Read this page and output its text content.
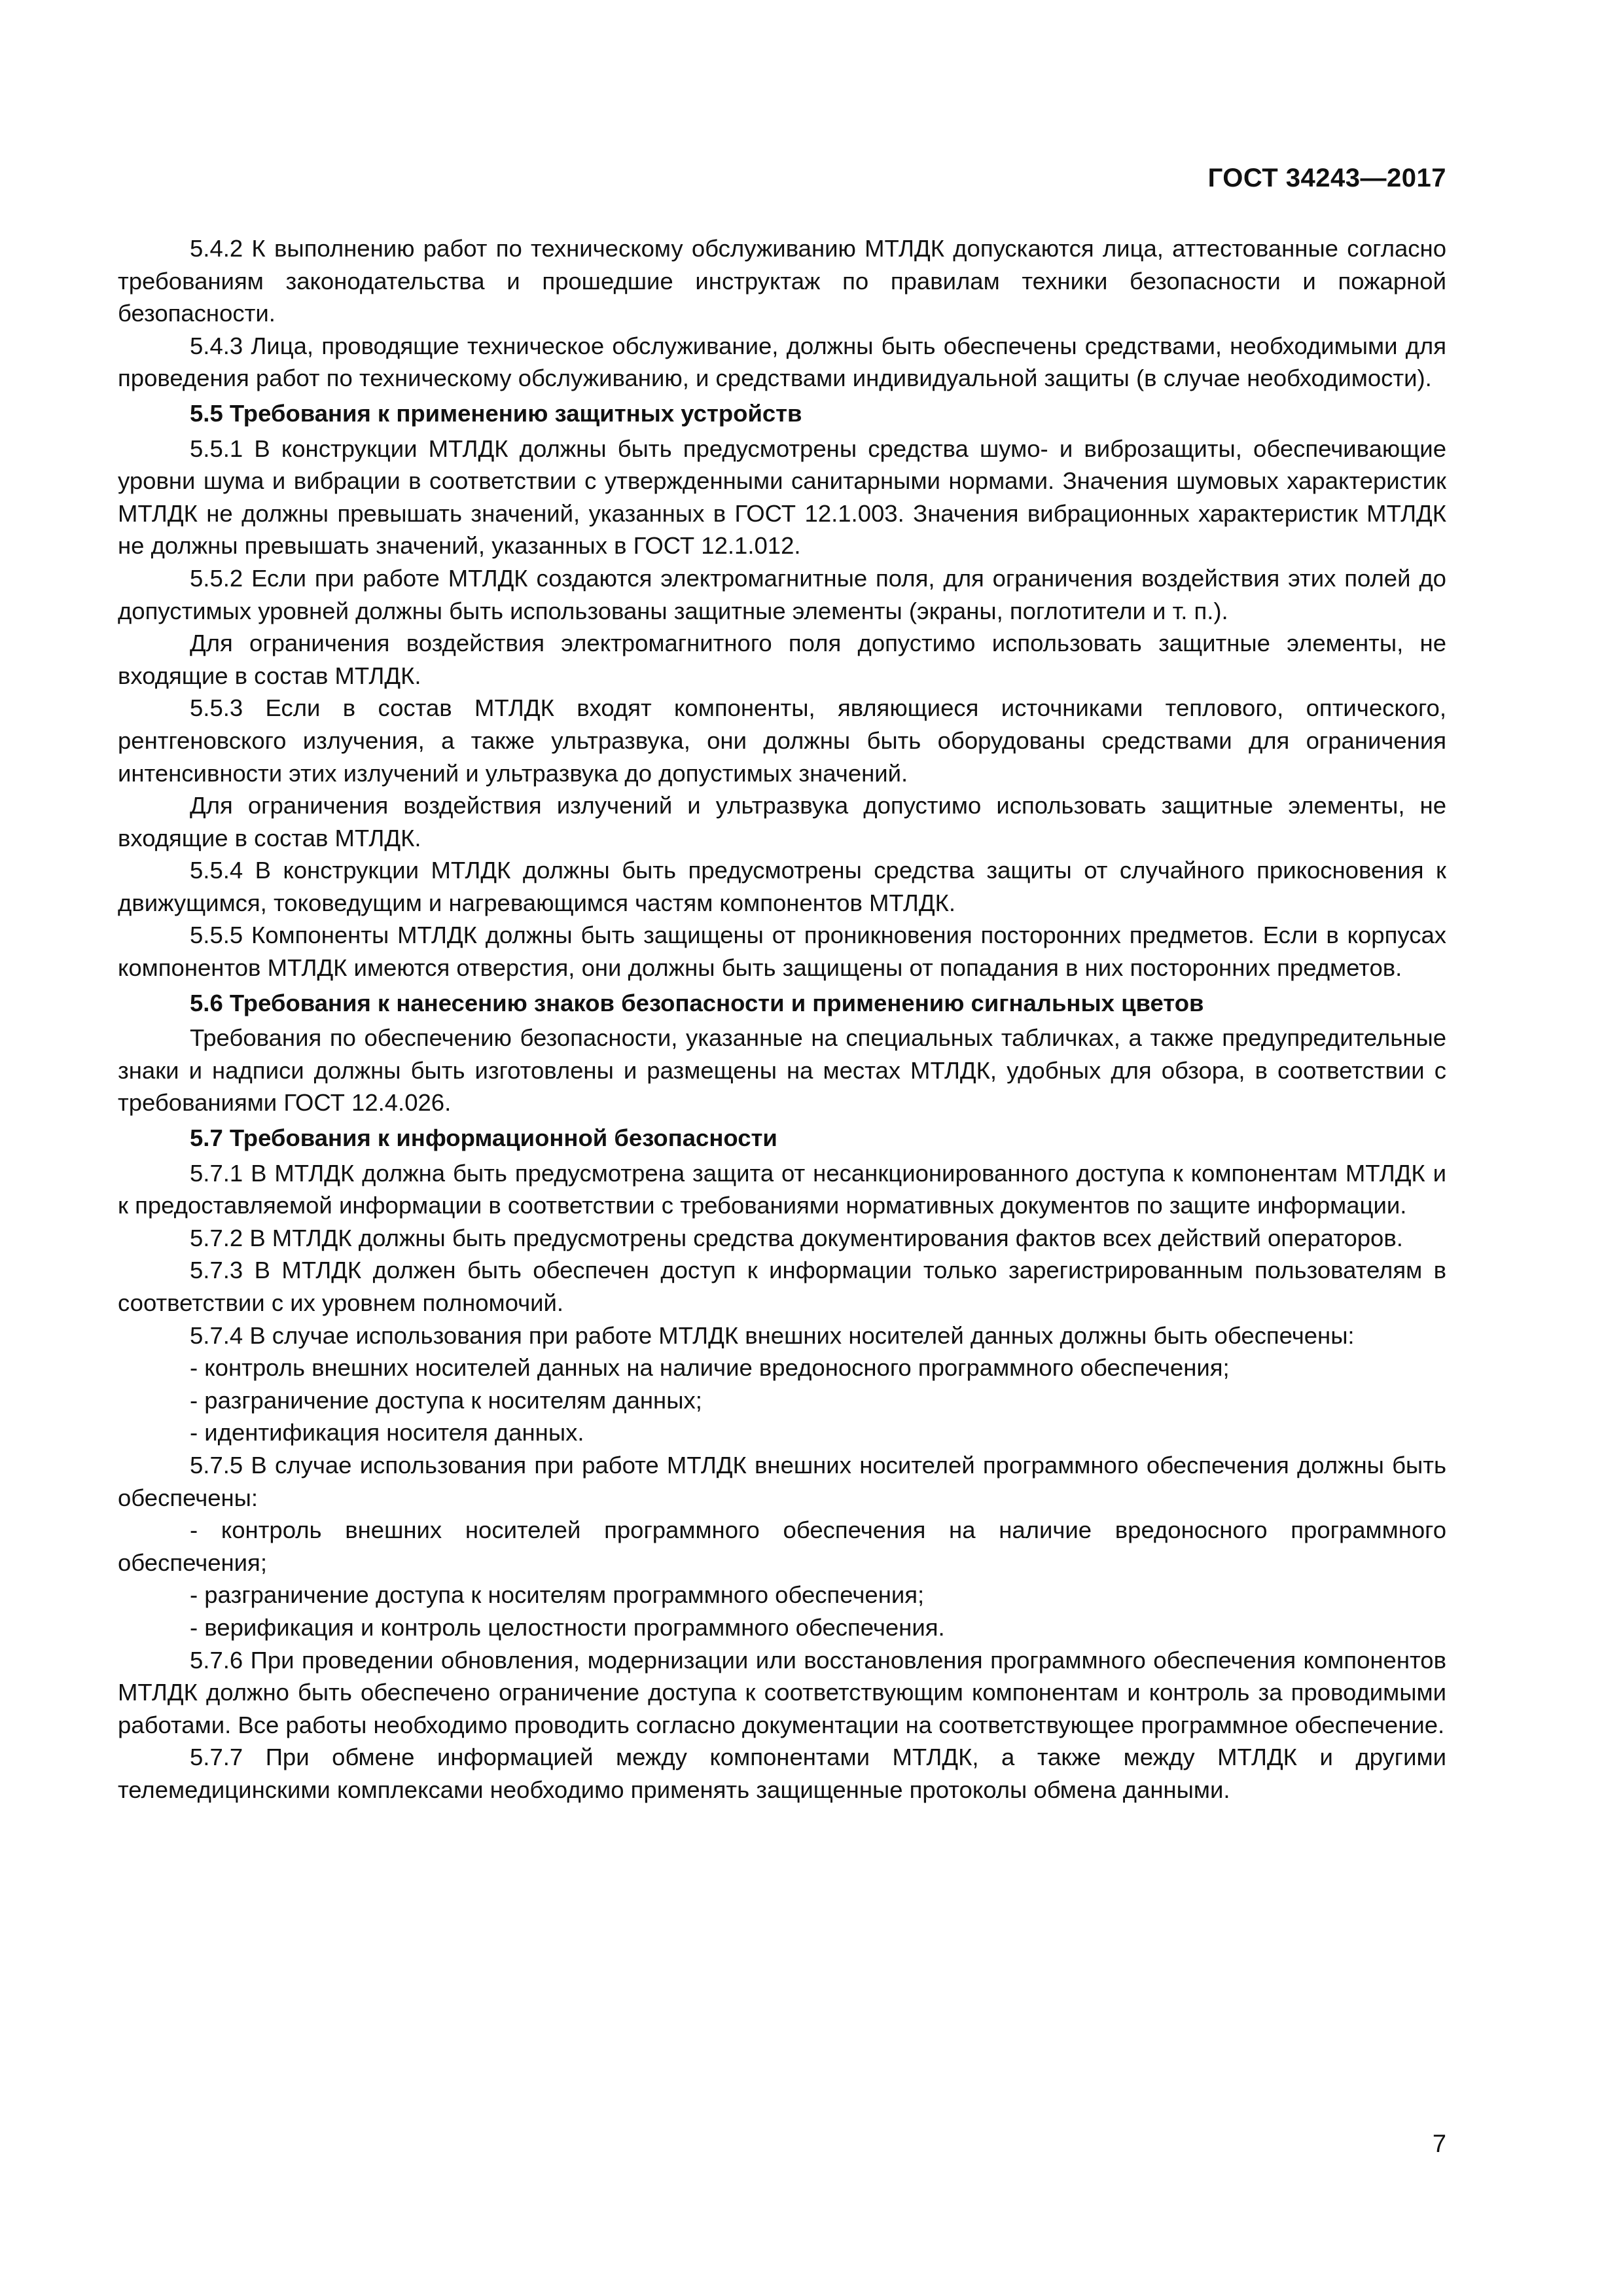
ГОСТ 34243—2017

5.4.2 К выполнению работ по техническому обслуживанию МТЛДК допускаются лица, аттестованные согласно требованиям законодательства и прошедшие инструктаж по правилам техники безопасности и пожарной безопасности.

5.4.3 Лица, проводящие техническое обслуживание, должны быть обеспечены средствами, необходимыми для проведения работ по техническому обслуживанию, и средствами индивидуальной защиты (в случае необходимости).

5.5 Требования к применению защитных устройств

5.5.1 В конструкции МТЛДК должны быть предусмотрены средства шумо- и виброзащиты, обеспечивающие уровни шума и вибрации в соответствии с утвержденными санитарными нормами. Значения шумовых характеристик МТЛДК не должны превышать значений, указанных в ГОСТ 12.1.003. Значения вибрационных характеристик МТЛДК не должны превышать значений, указанных в ГОСТ 12.1.012.

5.5.2 Если при работе МТЛДК создаются электромагнитные поля, для ограничения воздействия этих полей до допустимых уровней должны быть использованы защитные элементы (экраны, поглотители и т. п.).

Для ограничения воздействия электромагнитного поля допустимо использовать защитные элементы, не входящие в состав МТЛДК.

5.5.3 Если в состав МТЛДК входят компоненты, являющиеся источниками теплового, оптического, рентгеновского излучения, а также ультразвука, они должны быть оборудованы средствами для ограничения интенсивности этих излучений и ультразвука до допустимых значений.

Для ограничения воздействия излучений и ультразвука допустимо использовать защитные элементы, не входящие в состав МТЛДК.

5.5.4 В конструкции МТЛДК должны быть предусмотрены средства защиты от случайного прикосновения к движущимся, токоведущим и нагревающимся частям компонентов МТЛДК.

5.5.5 Компоненты МТЛДК должны быть защищены от проникновения посторонних предметов. Если в корпусах компонентов МТЛДК имеются отверстия, они должны быть защищены от попадания в них посторонних предметов.

5.6 Требования к нанесению знаков безопасности и применению сигнальных цветов

Требования по обеспечению безопасности, указанные на специальных табличках, а также предупредительные знаки и надписи должны быть изготовлены и размещены на местах МТЛДК, удобных для обзора, в соответствии с требованиями ГОСТ 12.4.026.

5.7 Требования к информационной безопасности

5.7.1 В МТЛДК должна быть предусмотрена защита от несанкционированного доступа к компонентам МТЛДК и к предоставляемой информации в соответствии с требованиями нормативных документов по защите информации.

5.7.2 В МТЛДК должны быть предусмотрены средства документирования фактов всех действий операторов.

5.7.3 В МТЛДК должен быть обеспечен доступ к информации только зарегистрированным пользователям в соответствии с их уровнем полномочий.

5.7.4 В случае использования при работе МТЛДК внешних носителей данных должны быть обеспечены:

- контроль внешних носителей данных на наличие вредоносного программного обеспечения;

- разграничение доступа к носителям данных;

- идентификация носителя данных.

5.7.5 В случае использования при работе МТЛДК внешних носителей программного обеспечения должны быть обеспечены:

- контроль внешних носителей программного обеспечения на наличие вредоносного программного обеспечения;

- разграничение доступа к носителям программного обеспечения;

- верификация и контроль целостности программного обеспечения.

5.7.6 При проведении обновления, модернизации или восстановления программного обеспечения компонентов МТЛДК должно быть обеспечено ограничение доступа к соответствующим компонентам и контроль за проводимыми работами. Все работы необходимо проводить согласно документации на соответствующее программное обеспечение.

5.7.7 При обмене информацией между компонентами МТЛДК, а также между МТЛДК и другими телемедицинскими комплексами необходимо применять защищенные протоколы обмена данными.

7
